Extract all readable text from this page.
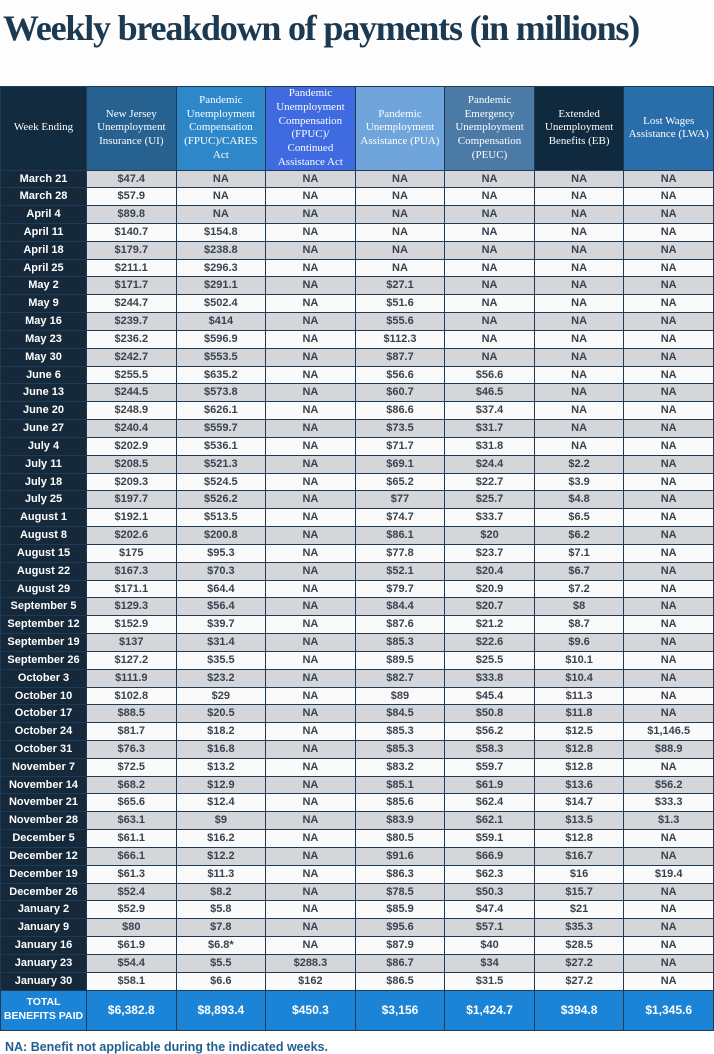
Weekly breakdown of payments (in millions)
Week Ending	New Jersey Unemployment Insurance (UI)	Pandemic Unemployment Compensation (FPUC)/CARES Act	Pandemic Unemployment Compensation (FPUC)/ Continued Assistance Act	Pandemic Unemployment Assistance (PUA)	Pandemic Emergency Unemployment Compensation (PEUC)	Extended Unemployment Benefits (EB)	Lost Wages Assistance (LWA)
March 21	$47.4	NA	NA	NA	NA	NA	NA
March 28	$57.9	NA	NA	NA	NA	NA	NA
April 4	$89.8	NA	NA	NA	NA	NA	NA
April 11	$140.7	$154.8	NA	NA	NA	NA	NA
April 18	$179.7	$238.8	NA	NA	NA	NA	NA
April 25	$211.1	$296.3	NA	NA	NA	NA	NA
May 2	$171.7	$291.1	NA	$27.1	NA	NA	NA
May 9	$244.7	$502.4	NA	$51.6	NA	NA	NA
May 16	$239.7	$414	NA	$55.6	NA	NA	NA
May 23	$236.2	$596.9	NA	$112.3	NA	NA	NA
May 30	$242.7	$553.5	NA	$87.7	NA	NA	NA
June 6	$255.5	$635.2	NA	$56.6	$56.6	NA	NA
June 13	$244.5	$573.8	NA	$60.7	$46.5	NA	NA
June 20	$248.9	$626.1	NA	$86.6	$37.4	NA	NA
June 27	$240.4	$559.7	NA	$73.5	$31.7	NA	NA
July 4	$202.9	$536.1	NA	$71.7	$31.8	NA	NA
July 11	$208.5	$521.3	NA	$69.1	$24.4	$2.2	NA
July 18	$209.3	$524.5	NA	$65.2	$22.7	$3.9	NA
July 25	$197.7	$526.2	NA	$77	$25.7	$4.8	NA
August 1	$192.1	$513.5	NA	$74.7	$33.7	$6.5	NA
August 8	$202.6	$200.8	NA	$86.1	$20	$6.2	NA
August 15	$175	$95.3	NA	$77.8	$23.7	$7.1	NA
August 22	$167.3	$70.3	NA	$52.1	$20.4	$6.7	NA
August 29	$171.1	$64.4	NA	$79.7	$20.9	$7.2	NA
September 5	$129.3	$56.4	NA	$84.4	$20.7	$8	NA
September 12	$152.9	$39.7	NA	$87.6	$21.2	$8.7	NA
September 19	$137	$31.4	NA	$85.3	$22.6	$9.6	NA
September 26	$127.2	$35.5	NA	$89.5	$25.5	$10.1	NA
October 3	$111.9	$23.2	NA	$82.7	$33.8	$10.4	NA
October 10	$102.8	$29	NA	$89	$45.4	$11.3	NA
October 17	$88.5	$20.5	NA	$84.5	$50.8	$11.8	NA
October 24	$81.7	$18.2	NA	$85.3	$56.2	$12.5	$1,146.5
October 31	$76.3	$16.8	NA	$85.3	$58.3	$12.8	$88.9
November 7	$72.5	$13.2	NA	$83.2	$59.7	$12.8	NA
November 14	$68.2	$12.9	NA	$85.1	$61.9	$13.6	$56.2
November 21	$65.6	$12.4	NA	$85.6	$62.4	$14.7	$33.3
November 28	$63.1	$9	NA	$83.9	$62.1	$13.5	$1.3
December 5	$61.1	$16.2	NA	$80.5	$59.1	$12.8	NA
December 12	$66.1	$12.2	NA	$91.6	$66.9	$16.7	NA
December 19	$61.3	$11.3	NA	$86.3	$62.3	$16	$19.4
December 26	$52.4	$8.2	NA	$78.5	$50.3	$15.7	NA
January 2	$52.9	$5.8	NA	$85.9	$47.4	$21	NA
January 9	$80	$7.8	NA	$95.6	$57.1	$35.3	NA
January 16	$61.9	$6.8*	NA	$87.9	$40	$28.5	NA
January 23	$54.4	$5.5	$288.3	$86.7	$34	$27.2	NA
January 30	$58.1	$6.6	$162	$86.5	$31.5	$27.2	NA
TOTAL BENEFITS PAID	$6,382.8	$8,893.4	$450.3	$3,156	$1,424.7	$394.8	$1,345.6
NA: Benefit not applicable during the indicated weeks.
